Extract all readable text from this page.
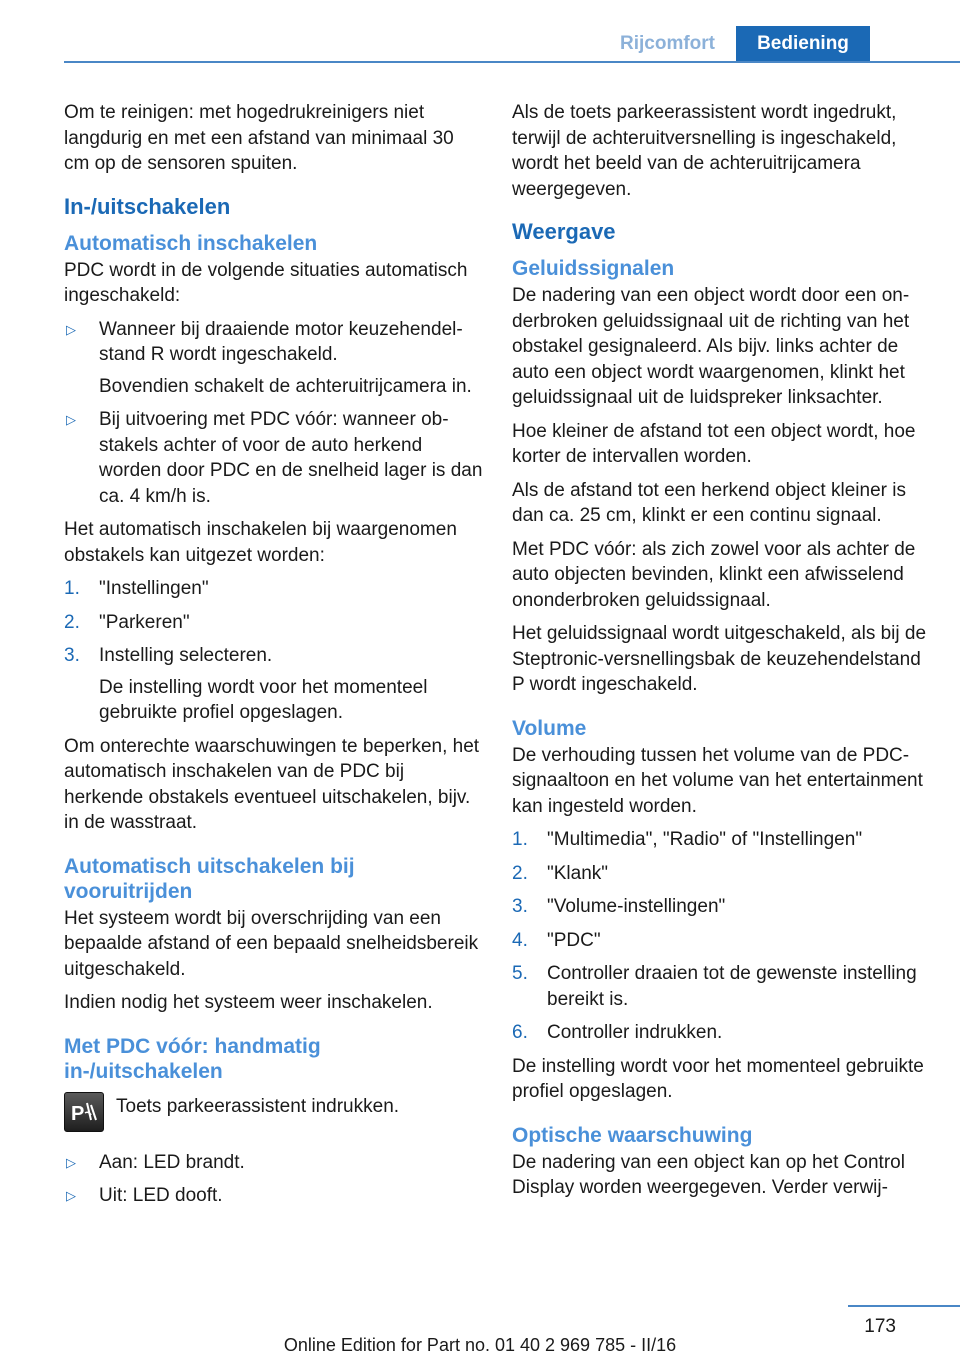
Rijcomfort	Bediening

Om te reinigen: met hogedrukreinigers niet langdurig en met een afstand van minimaal 30 cm op de sensoren spuiten.

In-/uitschakelen
Automatisch inschakelen

PDC wordt in de volgende situaties automatisch ingeschakeld:

▷ Wanneer bij draaiende motor keuzehendelstand R wordt ingeschakeld.
Bovendien schakelt de achteruitrijcamera in.
▷ Bij uitvoering met PDC vóór: wanneer obstakels achter of voor de auto herkend worden door PDC en de snelheid lager is dan ca. 4 km/h is.

Het automatisch inschakelen bij waargenomen obstakels kan uitgezet worden:

1. "Instellingen"
2. "Parkeren"
3. Instelling selecteren.
De instelling wordt voor het momenteel gebruikte profiel opgeslagen.

Om onterechte waarschuwingen te beperken, het automatisch inschakelen van de PDC bij herkende obstakels eventueel uitschakelen, bijv. in de wasstraat.

Automatisch uitschakelen bij vooruitrijden

Het systeem wordt bij overschrijding van een bepaalde afstand of een bepaald snelheidsbereik uitgeschakeld.

Indien nodig het systeem weer inschakelen.

Met PDC vóór: handmatig in-/uitschakelen
P Toets parkeerassistent indrukken.
▷ Aan: LED brandt.
▷ Uit: LED dooft.

Als de toets parkeerassistent wordt ingedrukt, terwijl de achteruitversnelling is ingeschakeld, wordt het beeld van de achteruitrijcamera weergegeven.

Weergave
Geluidssignalen

De nadering van een object wordt door een onderbroken geluidssignaal uit de richting van het obstakel gesignaleerd. Als bijv. links achter de auto een object wordt waargenomen, klinkt het geluidssignaal uit de luidspreker linksachter.

Hoe kleiner de afstand tot een object wordt, hoe korter de intervallen worden.

Als de afstand tot een herkend object kleiner is dan ca. 25 cm, klinkt er een continu signaal.

Met PDC vóór: als zich zowel voor als achter de auto objecten bevinden, klinkt een afwisselend ononderbroken geluidssignaal.

Het geluidssignaal wordt uitgeschakeld, als bij de Steptronic-versnellingsbak de keuzehendelstand P wordt ingeschakeld.

Volume

De verhouding tussen het volume van de PDC-signaaltoon en het volume van het entertainment kan ingesteld worden.

1. "Multimedia", "Radio" of "Instellingen"
2. "Klank"
3. "Volume-instellingen"
4. "PDC"
5. Controller draaien tot de gewenste instelling bereikt is.
6. Controller indrukken.

De instelling wordt voor het momenteel gebruikte profiel opgeslagen.

Optische waarschuwing

De nadering van een object kan op het Control Display worden weergegeven. Verder verwij-

173
Online Edition for Part no. 01 40 2 969 785 - II/16
